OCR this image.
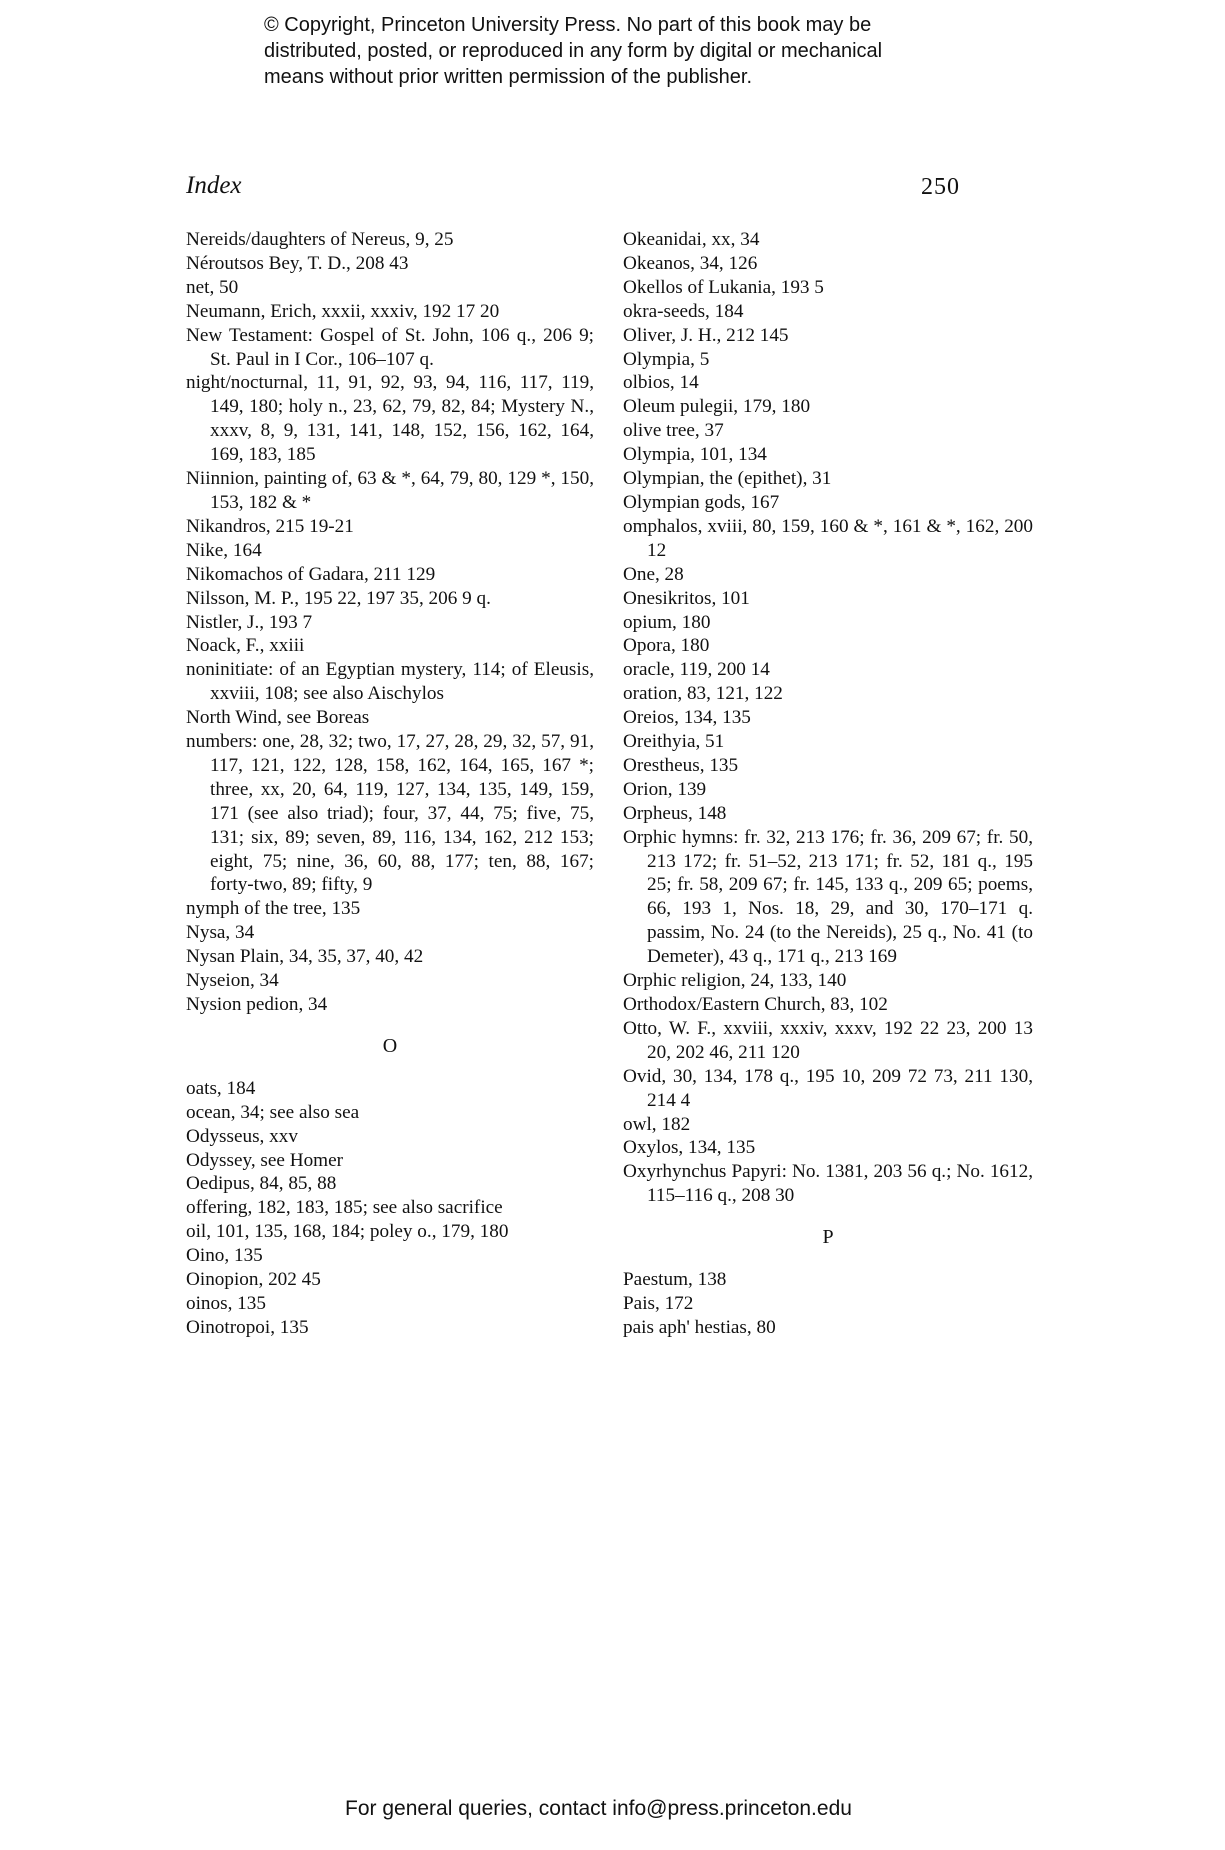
© Copyright, Princeton University Press. No part of this book may be
distributed, posted, or reproduced in any form by digital or mechanical
means without prior written permission of the publisher.
Index	250
Nereids/daughters of Nereus, 9, 25
Néroutsos Bey, T. D., 208 43
net, 50
Neumann, Erich, xxxii, xxxiv, 192 17 20
New Testament: Gospel of St. John, 106 q., 206 9; St. Paul in I Cor., 106–107 q.
night/nocturnal, 11, 91, 92, 93, 94, 116, 117, 119, 149, 180; holy n., 23, 62, 79, 82, 84; Mystery N., xxxv, 8, 9, 131, 141, 148, 152, 156, 162, 164, 169, 183, 185
Niinnion, painting of, 63 & *, 64, 79, 80, 129 *, 150, 153, 182 & *
Nikandros, 215 19-21
Nike, 164
Nikomachos of Gadara, 211 129
Nilsson, M. P., 195 22, 197 35, 206 9 q.
Nistler, J., 193 7
Noack, F., xxiii
noninitiate: of an Egyptian mystery, 114; of Eleusis, xxviii, 108; see also Aischylos
North Wind, see Boreas
numbers: one, 28, 32; two, 17, 27, 28, 29, 32, 57, 91, 117, 121, 122, 128, 158, 162, 164, 165, 167 *; three, xx, 20, 64, 119, 127, 134, 135, 149, 159, 171 (see also triad); four, 37, 44, 75; five, 75, 131; six, 89; seven, 89, 116, 134, 162, 212 153; eight, 75; nine, 36, 60, 88, 177; ten, 88, 167; forty-two, 89; fifty, 9
nymph of the tree, 135
Nysa, 34
Nysan Plain, 34, 35, 37, 40, 42
Nyseion, 34
Nysion pedion, 34
O
oats, 184
ocean, 34; see also sea
Odysseus, xxv
Odyssey, see Homer
Oedipus, 84, 85, 88
offering, 182, 183, 185; see also sacrifice
oil, 101, 135, 168, 184; poley o., 179, 180
Oino, 135
Oinopion, 202 45
oinos, 135
Oinotropoi, 135
Okeanidai, xx, 34
Okeanos, 34, 126
Okellos of Lukania, 193 5
okra-seeds, 184
Oliver, J. H., 212 145
Olympia, 5
olbios, 14
Oleum pulegii, 179, 180
olive tree, 37
Olympia, 101, 134
Olympian, the (epithet), 31
Olympian gods, 167
omphalos, xviii, 80, 159, 160 & *, 161 & *, 162, 200 12
One, 28
Onesikritos, 101
opium, 180
Opora, 180
oracle, 119, 200 14
oration, 83, 121, 122
Oreios, 134, 135
Oreithyia, 51
Orestheus, 135
Orion, 139
Orpheus, 148
Orphic hymns: fr. 32, 213 176; fr. 36, 209 67; fr. 50, 213 172; fr. 51–52, 213 171; fr. 52, 181 q., 195 25; fr. 58, 209 67; fr. 145, 133 q., 209 65; poems, 66, 193 1, Nos. 18, 29, and 30, 170–171 q. passim, No. 24 (to the Nereids), 25 q., No. 41 (to Demeter), 43 q., 171 q., 213 169
Orphic religion, 24, 133, 140
Orthodox/Eastern Church, 83, 102
Otto, W. F., xxviii, xxxiv, xxxv, 192 22 23, 200 13 20, 202 46, 211 120
Ovid, 30, 134, 178 q., 195 10, 209 72 73, 211 130, 214 4
owl, 182
Oxylos, 134, 135
Oxyrhynchus Papyri: No. 1381, 203 56 q.; No. 1612, 115–116 q., 208 30
P
Paestum, 138
Pais, 172
pais aph' hestias, 80
For general queries, contact info@press.princeton.edu
